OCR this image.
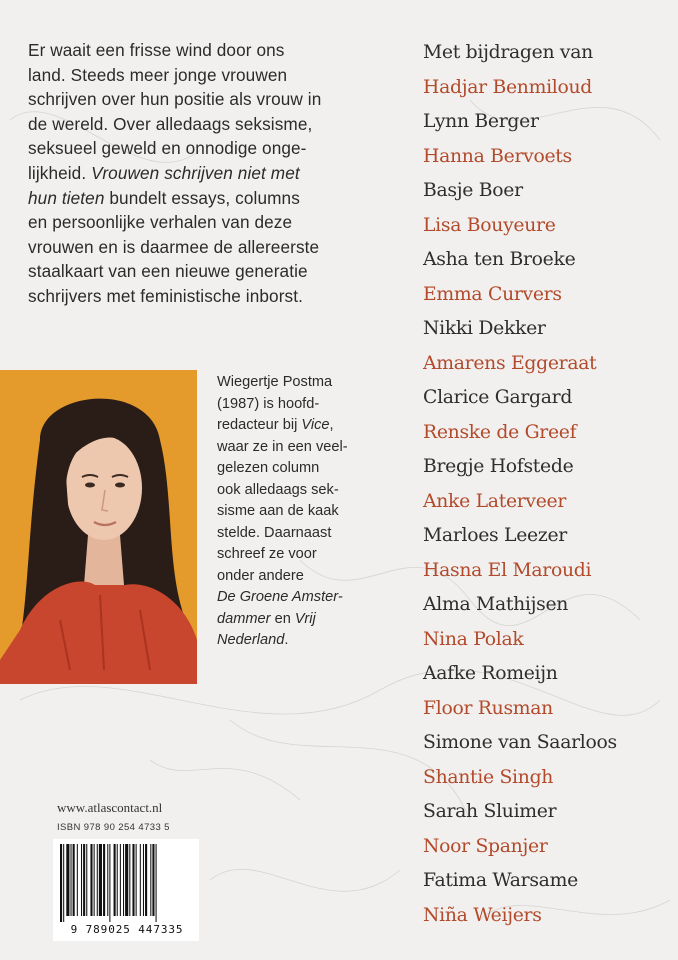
Er waait een frisse wind door ons
land. Steeds meer jonge vrouwen
schrijven over hun positie als vrouw in
de wereld. Over alledaags seksisme,
seksueel geweld en onnodige onge-
lijkheid. Vrouwen schrijven niet met
hun tieten bundelt essays, columns
en persoonlijke verhalen van deze
vrouwen en is daarmee de allereerste
staalkaart van een nieuwe generatie
schrijvers met feministische inborst.
Wiegertje Postma
(1987) is hoofd-
redacteur bij Vice,
waar ze in een veel-
gelezen column
ook alledaags sek-
sisme aan de kaak
stelde. Daarnaast
schreef ze voor
onder andere
De Groene Amster-
dammer en Vrij
Nederland.
Met bijdragen van
Hadjar Benmiloud
Lynn Berger
Hanna Bervoets
Basje Boer
Lisa Bouyeure
Asha ten Broeke
Emma Curvers
Nikki Dekker
Amarens Eggeraat
Clarice Gargard
Renske de Greef
Bregje Hofstede
Anke Laterveer
Marloes Leezer
Hasna El Maroudi
Alma Mathijsen
Nina Polak
Aafke Romeijn
Floor Rusman
Simone van Saarloos
Shantie Singh
Sarah Sluimer
Noor Spanjer
Fatima Warsame
Niña Weijers
www.atlascontact.nl
ISBN 978 90 254 4733 5
9 789025 447335
